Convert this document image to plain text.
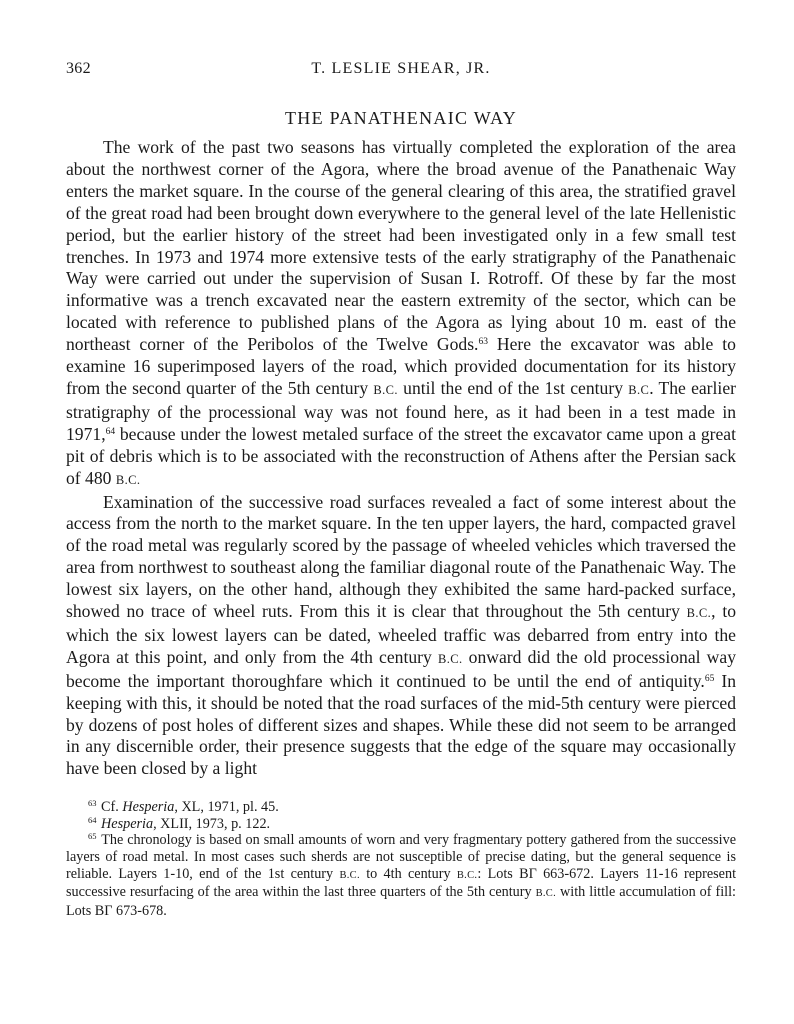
362	T. LESLIE SHEAR, JR.
THE PANATHENAIC WAY

The work of the past two seasons has virtually completed the exploration of the area about the northwest corner of the Agora, where the broad avenue of the Panathenaic Way enters the market square. In the course of the general clearing of this area, the stratified gravel of the great road had been brought down everywhere to the general level of the late Hellenistic period, but the earlier history of the street had been investigated only in a few small test trenches. In 1973 and 1974 more extensive tests of the early stratigraphy of the Panathenaic Way were carried out under the supervision of Susan I. Rotroff. Of these by far the most informative was a trench excavated near the eastern extremity of the sector, which can be located with reference to published plans of the Agora as lying about 10 m. east of the northeast corner of the Peribolos of the Twelve Gods.$^{63}$ Here the excavator was able to examine 16 superimposed layers of the road, which provided documentation for its history from the second quarter of the 5th century B.C. until the end of the 1st century B.C. The earlier stratigraphy of the processional way was not found here, as it had been in a test made in 1971,64 because under the lowest metaled surface of the street the excavator came upon a great pit of debris which is to be associated with the reconstruction of Athens after the Persian sack of 480 B.C.

Examination of the successive road surfaces revealed a fact of some interest about the access from the north to the market square. In the ten upper layers, the hard, compacted gravel of the road metal was regularly scored by the passage of wheeled vehicles which traversed the area from northwest to southeast along the familiar diagonal route of the Panathenaic Way. The lowest six layers, on the other hand, although they exhibited the same hard-packed surface, showed no trace of wheel ruts. From this it is clear that throughout the 5th century B.C., to which the six lowest layers can be dated, wheeled traffic was debarred from entry into the Agora at this point, and only from the 4th century B.C. onward did the old processional way become the important thoroughfare which it continued to be until the end of antiquity.$^{65}$ In keeping with this, it should be noted that the road surfaces of the mid-5th century were pierced by dozens of post holes of different sizes and shapes. While these did not seem to be arranged in any discernible order, their presence suggests that the edge of the square may occasionally have been closed by a light

$^{63}$ Cf. Hesperia, XL, 1971, pl. 45.

$^{64}$ Hesperia, XLII, 1973, p. 122.

$^{65}$ The chronology is based on small amounts of worn and very fragmentary pottery gathered from the successive layers of road metal. In most cases such sherds are not susceptible of precise dating, but the general sequence is reliable. Layers 1-10, end of the 1st century B.C. to 4th century B.C.: Lots ΒΓ 663-672. Layers 11-16 represent successive resurfacing of the area within the last three quarters of the 5th century B.C. with little accumulation of fill: Lots ΒΓ 673-678.
